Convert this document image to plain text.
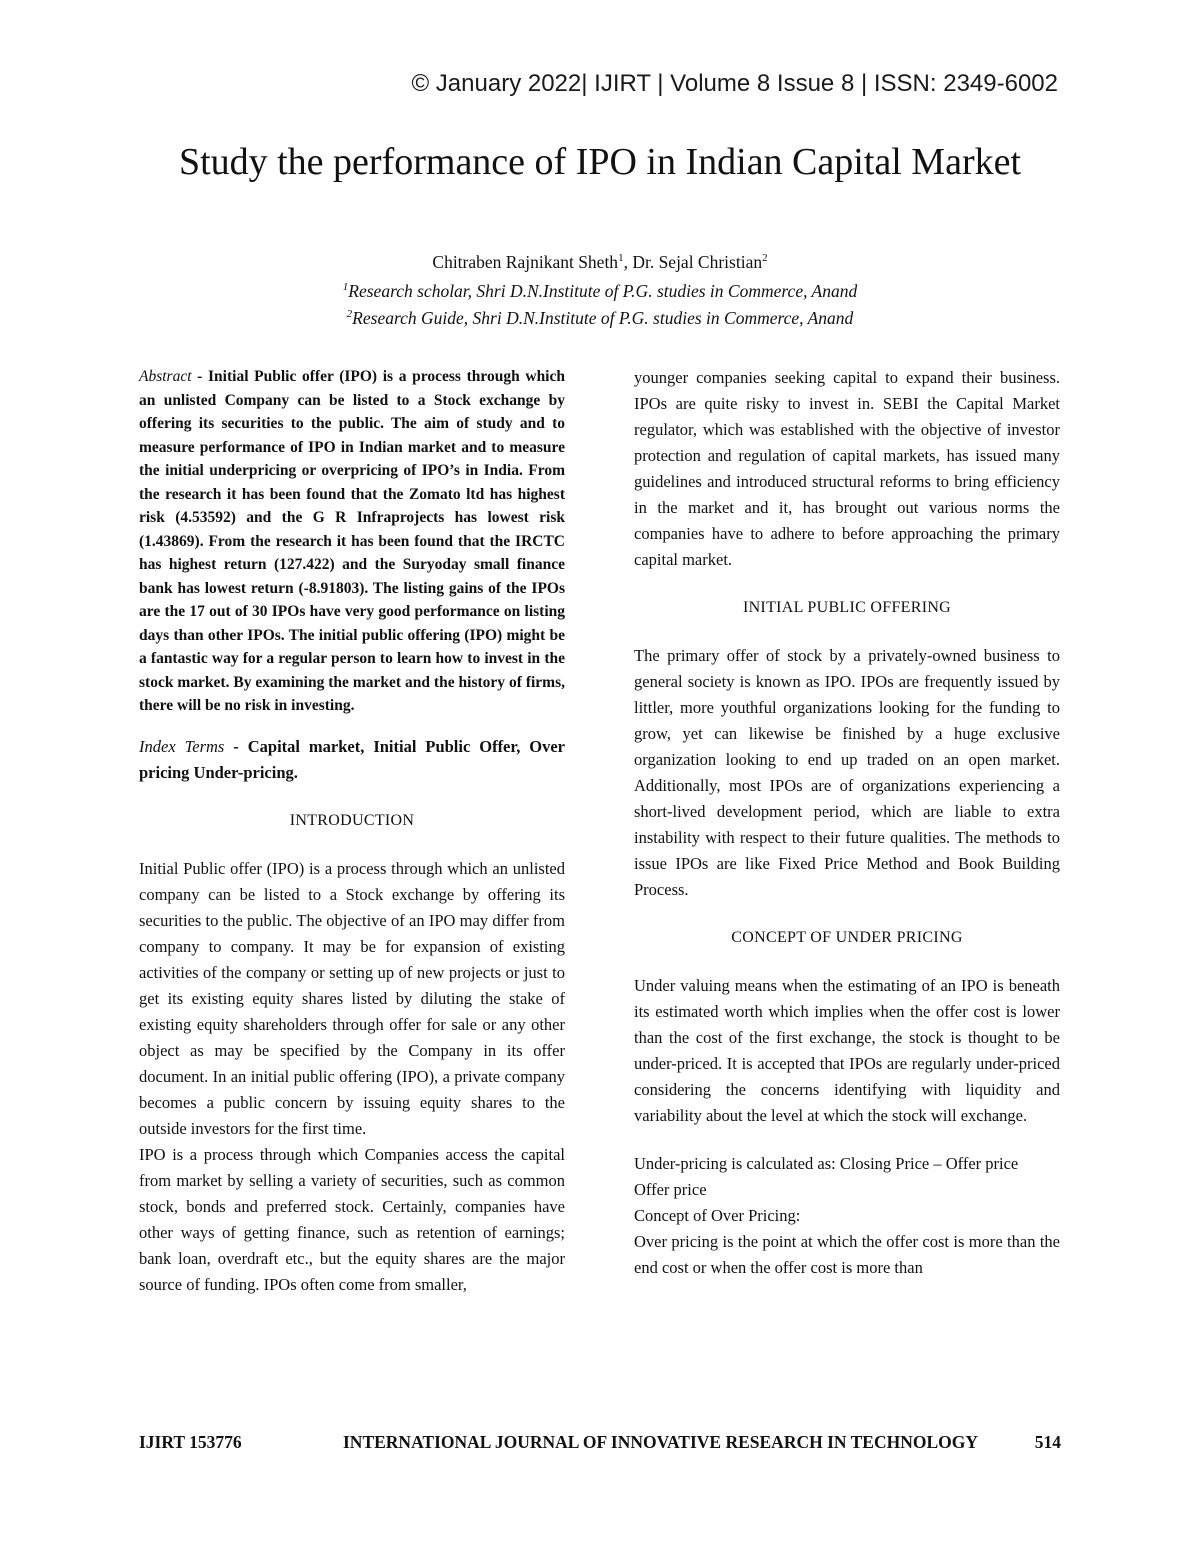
© January 2022| IJIRT | Volume 8 Issue 8 | ISSN: 2349-6002
Study the performance of IPO in Indian Capital Market
Chitraben Rajnikant Sheth$^1$, Dr. Sejal Christian$^2$
$^1$Research scholar, Shri D.N.Institute of P.G. studies in Commerce, Anand
$^2$Research Guide, Shri D.N.Institute of P.G. studies in Commerce, Anand

Abstract - Initial Public offer (IPO) is a process through which an unlisted Company can be listed to a Stock exchange by offering its securities to the public. The aim of study and to measure performance of IPO in Indian market and to measure the initial underpricing or overpricing of IPO’s in India. From the research it has been found that the Zomato ltd has highest risk (4.53592) and the G R Infraprojects has lowest risk (1.43869). From the research it has been found that the IRCTC has highest return (127.422) and the Suryoday small finance bank has lowest return (-8.91803). The listing gains of the IPOs are the 17 out of 30 IPOs have very good performance on listing days than other IPOs. The initial public offering (IPO) might be a fantastic way for a regular person to learn how to invest in the stock market. By examining the market and the history of firms, there will be no risk in investing.

Index Terms - Capital market, Initial Public Offer, Over pricing Under-pricing.

INTRODUCTION

Initial Public offer (IPO) is a process through which an unlisted company can be listed to a Stock exchange by offering its securities to the public. The objective of an IPO may differ from company to company. It may be for expansion of existing activities of the company or setting up of new projects or just to get its existing equity shares listed by diluting the stake of existing equity shareholders through offer for sale or any other object as may be specified by the Company in its offer document. In an initial public offering (IPO), a private company becomes a public concern by issuing equity shares to the outside investors for the first time.

IPO is a process through which Companies access the capital from market by selling a variety of securities, such as common stock, bonds and preferred stock. Certainly, companies have other ways of getting finance, such as retention of earnings; bank loan, overdraft etc., but the equity shares are the major source of funding. IPOs often come from smaller,

younger companies seeking capital to expand their business. IPOs are quite risky to invest in. SEBI the Capital Market regulator, which was established with the objective of investor protection and regulation of capital markets, has issued many guidelines and introduced structural reforms to bring efficiency in the market and it, has brought out various norms the companies have to adhere to before approaching the primary capital market.

INITIAL PUBLIC OFFERING

The primary offer of stock by a privately-owned business to general society is known as IPO. IPOs are frequently issued by littler, more youthful organizations looking for the funding to grow, yet can likewise be finished by a huge exclusive organization looking to end up traded on an open market. Additionally, most IPOs are of organizations experiencing a short-lived development period, which are liable to extra instability with respect to their future qualities. The methods to issue IPOs are like Fixed Price Method and Book Building Process.

CONCEPT OF UNDER PRICING

Under valuing means when the estimating of an IPO is beneath its estimated worth which implies when the offer cost is lower than the cost of the first exchange, the stock is thought to be under-priced. It is accepted that IPOs are regularly under-priced considering the concerns identifying with liquidity and variability about the level at which the stock will exchange.

Under-pricing is calculated as: Closing Price – Offer price

Offer price

Concept of Over Pricing:

Over pricing is the point at which the offer cost is more than the end cost or when the offer cost is more than

IJIRT 153776	INTERNATIONAL JOURNAL OF INNOVATIVE RESEARCH IN TECHNOLOGY	514
